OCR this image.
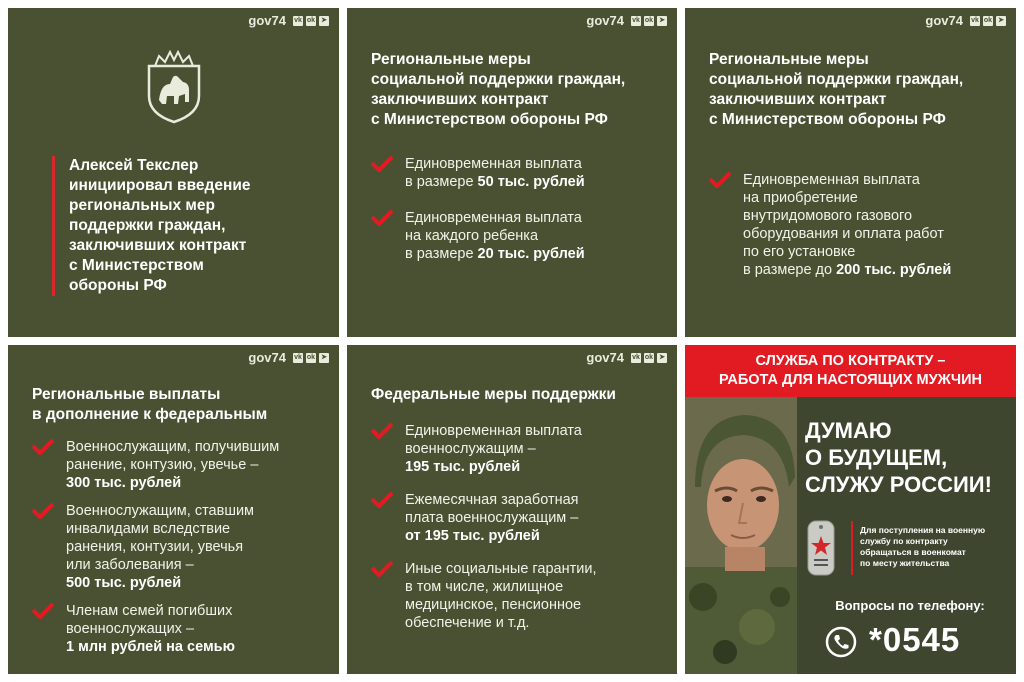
gov74 vk ok ➤
Алексей Текслер
инициировал введение
региональных мер
поддержки граждан,
заключивших контракт
с Министерством
обороны РФ
gov74 vk ok ➤
Региональные меры
социальной поддержки граждан,
заключивших контракт
с Министерством обороны РФ
Единовременная выплата
в размере 50 тыс. рублей
Единовременная выплата
на каждого ребенка
в размере 20 тыс. рублей
gov74 vk ok ➤
Региональные меры
социальной поддержки граждан,
заключивших контракт
с Министерством обороны РФ
Единовременная выплата
на приобретение
внутридомового газового
оборудования и оплата работ
по его установке
в размере до 200 тыс. рублей
gov74 vk ok ➤
Региональные выплаты
в дополнение к федеральным
Военнослужащим, получившим
ранение, контузию, увечье –
300 тыс. рублей
Военнослужащим, ставшим
инвалидами вследствие
ранения, контузии, увечья
или заболевания –
500 тыс. рублей
Членам семей погибших
военнослужащих –
1 млн рублей на семью
gov74 vk ok ➤
Федеральные меры поддержки
Единовременная выплата
военнослужащим –
195 тыс. рублей
Ежемесячная заработная
плата военнослужащим –
от 195 тыс. рублей
Иные социальные гарантии,
в том числе, жилищное
медицинское, пенсионное
обеспечение и т.д.
СЛУЖБА ПО КОНТРАКТУ –
РАБОТА ДЛЯ НАСТОЯЩИХ МУЖЧИН
ДУМАЮ
О БУДУЩЕМ,
СЛУЖУ РОССИИ!
Для поступления на военную
службу по контракту
обращаться в военкомат
по месту жительства
Вопросы по телефону:
*0545
